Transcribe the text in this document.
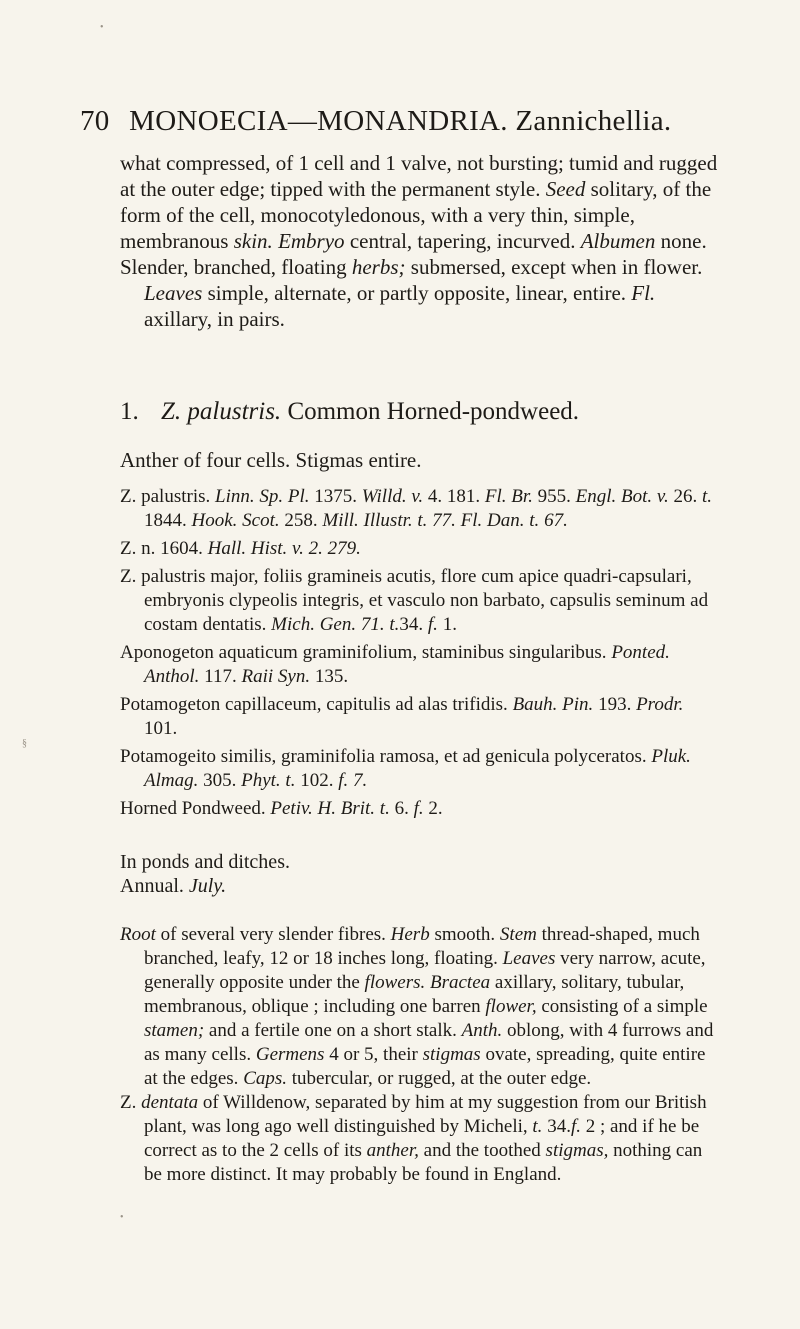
70 MONOECIA—MONANDRIA. Zannichellia.

what compressed, of 1 cell and 1 valve, not bursting; tumid and rugged at the outer edge; tipped with the permanent style. Seed solitary, of the form of the cell, monocotyledonous, with a very thin, simple, membranous skin. Embryo central, tapering, incurved. Albumen none.

Slender, branched, floating herbs; submersed, except when in flower. Leaves simple, alternate, or partly opposite, linear, entire. Fl. axillary, in pairs.

1. Z. palustris. Common Horned-pondweed.
Anther of four cells. Stigmas entire.

Z. palustris. Linn. Sp. Pl. 1375. Willd. v. 4. 181. Fl. Br. 955. Engl. Bot. v. 26. t. 1844. Hook. Scot. 258. Mill. Illustr. t. 77. Fl. Dan. t. 67.

Z. n. 1604. Hall. Hist. v. 2. 279.

Z. palustris major, foliis gramineis acutis, flore cum apice quadri-capsulari, embryonis clypeolis integris, et vasculo non barbato, capsulis seminum ad costam dentatis. Mich. Gen. 71. t.34. f. 1.

Aponogeton aquaticum graminifolium, staminibus singularibus. Ponted. Anthol. 117. Raii Syn. 135.

Potamogeton capillaceum, capitulis ad alas trifidis. Bauh. Pin. 193. Prodr. 101.

Potamogeito similis, graminifolia ramosa, et ad genicula polyceratos. Pluk. Almag. 305. Phyt. t. 102. f. 7.

Horned Pondweed. Petiv. H. Brit. t. 6. f. 2.

In ponds and ditches.

Annual. July.

Root of several very slender fibres. Herb smooth. Stem thread-shaped, much branched, leafy, 12 or 18 inches long, floating. Leaves very narrow, acute, generally opposite under the flowers. Bractea axillary, solitary, tubular, membranous, oblique ; including one barren flower, consisting of a simple stamen; and a fertile one on a short stalk. Anth. oblong, with 4 furrows and as many cells. Germens 4 or 5, their stigmas ovate, spreading, quite entire at the edges. Caps. tubercular, or rugged, at the outer edge.

Z. dentata of Willdenow, separated by him at my suggestion from our British plant, was long ago well distinguished by Micheli, t. 34.f. 2 ; and if he be correct as to the 2 cells of its anther, and the toothed stigmas, nothing can be more distinct. It may probably be found in England.

•
§
•
